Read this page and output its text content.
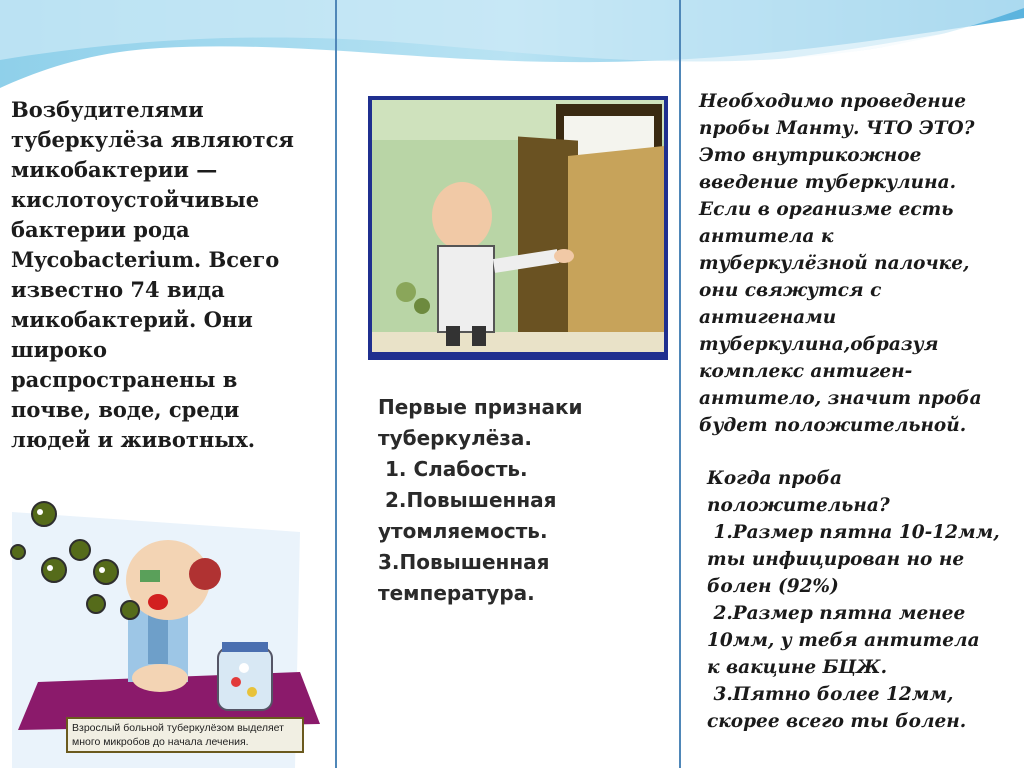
Возбудителями
туберкулёза являются
микобактерии —
кислотоустойчивые
бактерии рода
Mycobacterium. Всего
известно 74 вида
микобактерий. Они
широко
распространены в
почве, воде, среди
людей и животных.
Взрослый больной туберкулёзом выделяет много микробов до начала лечения.
Первые признаки
туберкулёза.
1. Слабость.
2.Повышенная
утомляемость.
3.Повышенная
температура.
Необходимо проведение
пробы Манту. ЧТО ЭТО?
Это внутрикожное
введение туберкулина.
Если в организме есть
антитела к
туберкулёзной палочке,
они свяжутся с
антигенами
туберкулина,образуя
комплекс антиген-
антитело, значит проба
будет положительной.
Когда проба
положительна?
1.Размер пятна 10-12мм,
ты инфицирован но не
болен (92%)
2.Размер пятна менее
10мм, у тебя антитела
к вакцине БЦЖ.
3.Пятно более 12мм,
скорее всего ты болен.
